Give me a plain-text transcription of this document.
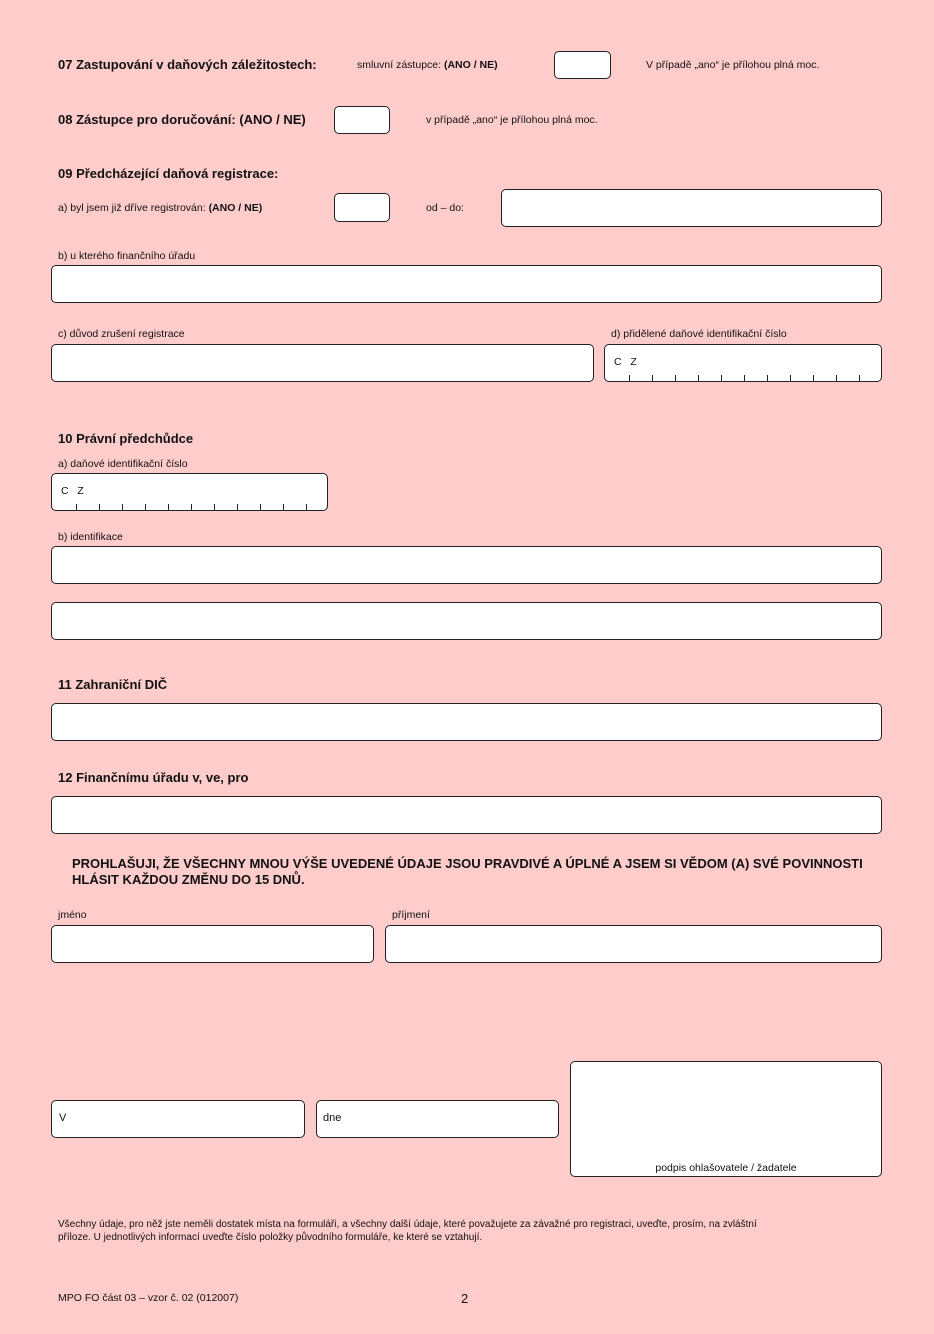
07 Zastupování v daňových záležitostech:	smluvní zástupce: (ANO / NE)	V případě „ano“ je přílohou plná moc.
08 Zástupce pro doručování: (ANO / NE)	v případě „ano“ je přílohou plná moc.
09 Předcházející daňová registrace:
a) byl jsem již dříve registrován: (ANO / NE)	od – do:
b) u kterého finančního úřadu
c) důvod zrušení registrace	d) přidělené daňové identifikační číslo
C   Z
10 Právní předchůdce
a) daňové identifikační číslo
C   Z
b) identifikace
11 Zahraniční DIČ
12 Finančnímu úřadu v, ve, pro
PROHLAŠUJI, ŽE VŠECHNY MNOU VÝŠE UVEDENÉ ÚDAJE JSOU PRAVDIVÉ A ÚPLNÉ A JSEM SI VĚDOM (A) SVÉ POVINNOSTI
HLÁSIT KAŽDOU ZMĚNU DO 15 DNŮ.
jméno	příjmení
V	dne
podpis ohlašovatele / žadatele
Všechny údaje, pro něž jste neměli dostatek místa na formuláři, a všechny další údaje, které považujete za závažné pro registraci, uveďte, prosím, na zvláštní
příloze. U jednotlivých informací uveďte číslo položky původního formuláře, ke které se vztahují.
MPO FO část 03 – vzor č. 02 (012007)	2
